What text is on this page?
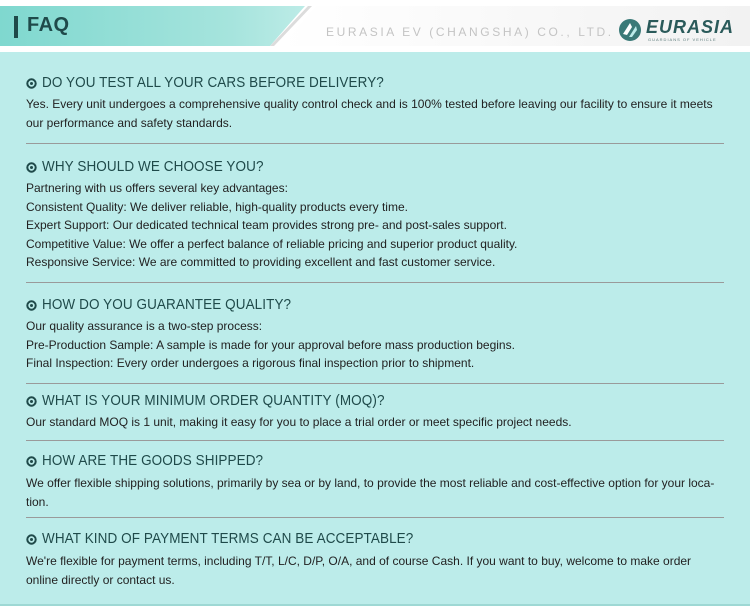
FAQ	EURASIA EV (CHANGSHA) CO., LTD. EURASIA
GUARDIANS OF VEHICLE
DO YOU TEST ALL YOUR CARS BEFORE DELIVERY?
Yes. Every unit undergoes a comprehensive quality control check and is 100% tested before leaving our facility to ensure it meets
our performance and safety standards.
WHY SHOULD WE CHOOSE YOU?
Partnering with us offers several key advantages:
Consistent Quality: We deliver reliable, high-quality products every time.
Expert Support: Our dedicated technical team provides strong pre- and post-sales support.
Competitive Value: We offer a perfect balance of reliable pricing and superior product quality.
Responsive Service: We are committed to providing excellent and fast customer service.
HOW DO YOU GUARANTEE QUALITY?
Our quality assurance is a two-step process:
Pre-Production Sample: A sample is made for your approval before mass production begins.
Final Inspection: Every order undergoes a rigorous final inspection prior to shipment.
WHAT IS YOUR MINIMUM ORDER QUANTITY (MOQ)?
Our standard MOQ is 1 unit, making it easy for you to place a trial order or meet specific project needs.
HOW ARE THE GOODS SHIPPED?
We offer flexible shipping solutions, primarily by sea or by land, to provide the most reliable and cost-effective option for your loca-
tion.
WHAT KIND OF PAYMENT TERMS CAN BE ACCEPTABLE?
We're flexible for payment terms, including T/T, L/C, D/P, O/A, and of course Cash. If you want to buy, welcome to make order
online directly or contact us.
